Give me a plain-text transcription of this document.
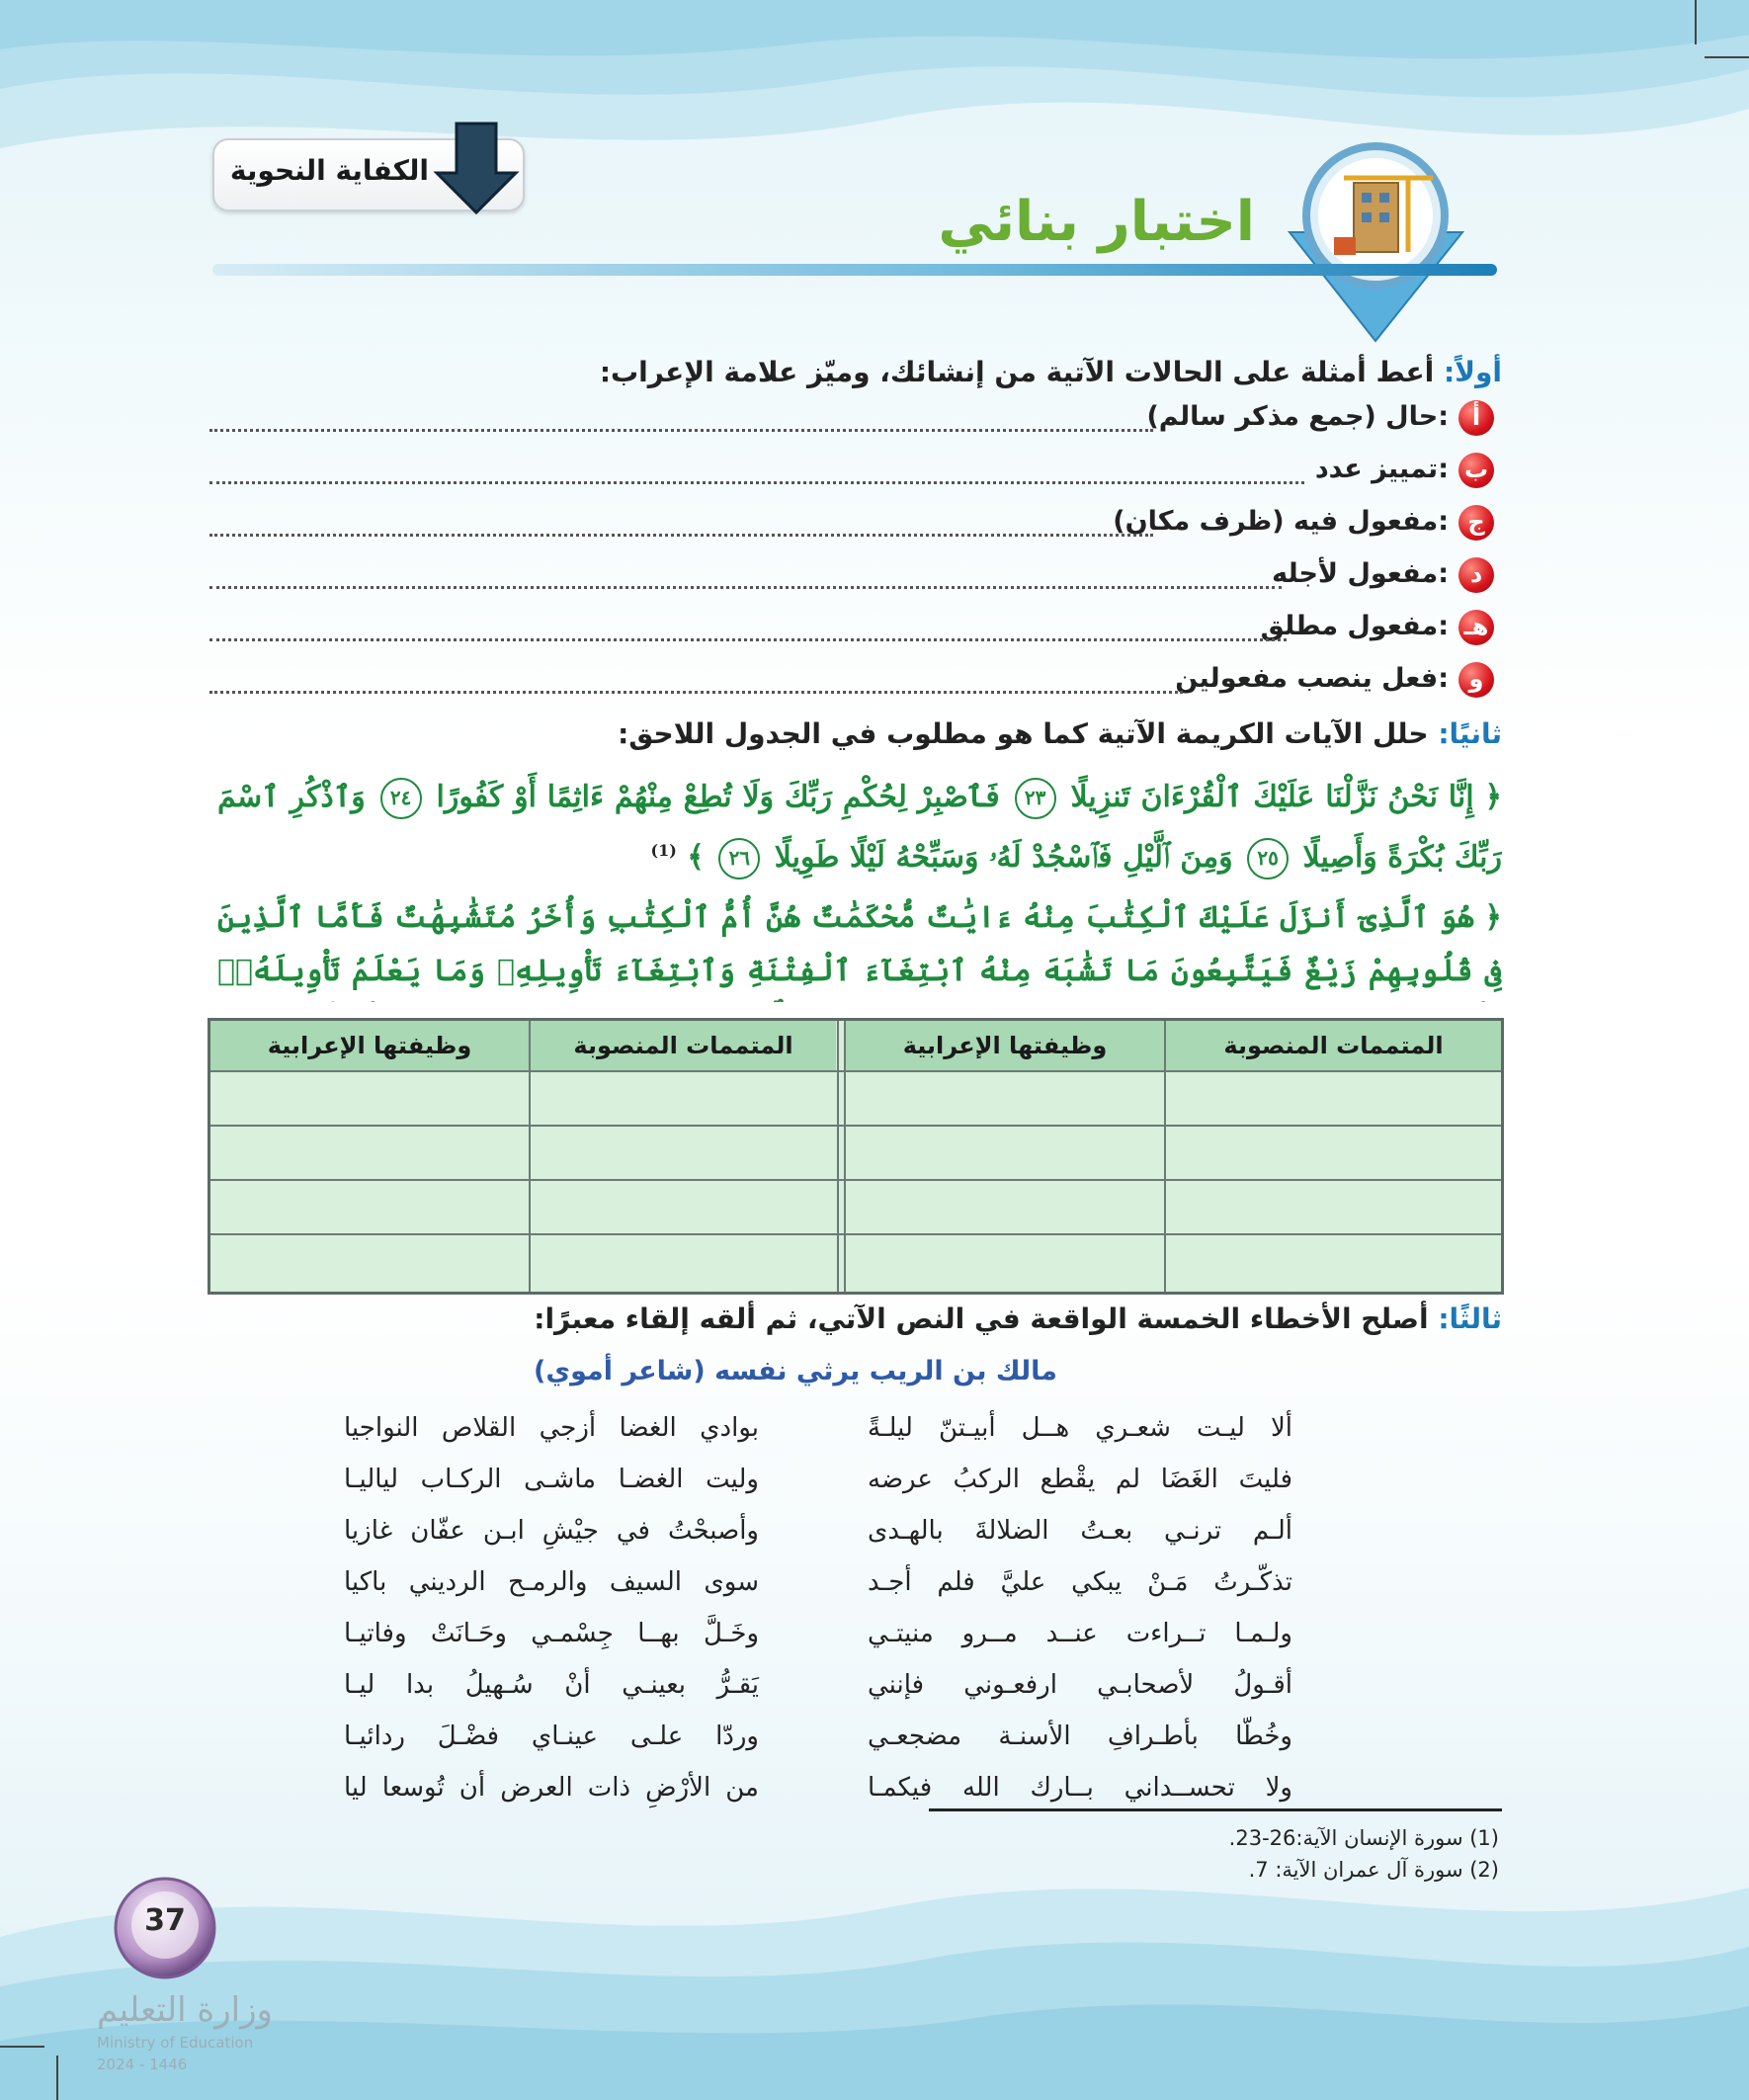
الكفاية النحوية
اختبار بنائي
أولاً: أعط أمثلة على الحالات الآتية من إنشائك، وميّز علامة الإعراب:
أ
حال (جمع مذكر سالم):
ب
تمييز عدد:
ج
مفعول فيه (ظرف مكان):
د
مفعول لأجله:
هـ
مفعول مطلق:
و
فعل ينصب مفعولين:
ثانيًا: حلل الآيات الكريمة الآتية كما هو مطلوب في الجدول اللاحق:
﴿ إِنَّا نَحْنُ نَزَّلْنَا عَلَيْكَ ٱلْقُرْءَانَ تَنزِيلًا ٢٣ فَٱصْبِرْ لِحُكْمِ رَبِّكَ وَلَا تُطِعْ مِنْهُمْ ءَاثِمًا أَوْ كَفُورًا ٢٤ وَٱذْكُرِ ٱسْمَ رَبِّكَ بُكْرَةً وَأَصِيلًا ٢٥ وَمِنَ ٱلَّيْلِ فَٱسْجُدْ لَهُۥ وَسَبِّحْهُ لَيْلًا طَوِيلًا ٢٦ ﴾ $^{(1)}$
﴿ هُوَ ٱلَّذِىٓ أَنزَلَ عَلَيْكَ ٱلْكِتَٰبَ مِنْهُ ءَايَٰتٌ مُّحْكَمَٰتٌ هُنَّ أُمُّ ٱلْكِتَٰبِ وَأُخَرُ مُتَشَٰبِهَٰتٌ فَأَمَّا ٱلَّذِينَ فِى قُلُوبِهِمْ زَيْغٌ فَيَتَّبِعُونَ مَا تَشَٰبَهَ مِنْهُ ٱبْتِغَآءَ ٱلْفِتْنَةِ وَٱبْتِغَآءَ تَأْوِيلِهِۦ وَمَا يَعْلَمُ تَأْوِيلَهُۥٓ
المتممات المنصوبة
وظيفتها الإعرابية
المتممات المنصوبة
وظيفتها الإعرابية
ثالثًا: أصلح الأخطاء الخمسة الواقعة في النص الآتي، ثم ألقه إلقاء معبرًا:
مالك بن الريب يرثي نفسه (شاعر أموي)
ألا ليـت شعـري هــل أبيـتنّ ليلـةً
بوادي الغضا أزجي القلاص النواجيا
فليتَ الغَضَا لم يقْطع الركبُ عرضه
وليت الغضـا ماشـى الركـاب لياليـا
ألـم ترنـي بعـتُ الضلالةَ بالهـدى
وأصبحْتُ في جيْشِ ابـن عفّان غازيا
تذكّـرتُ مَـنْ يبكي عليَّ فلم أجـد
سوى السيف والرمـح الرديني باكيا
ولـمـا تــراءت عنــد مــرو منيتـي
وخَـلَّ بهــا جِسْمـي وحَـانَتْ وفاتيـا
أقـولُ لأصحابـي ارفعـوني فإنني
يَقـرُّ بعينـي أنْ سُـهيلُ بدا ليـا
وخُطّا بأطـرافِ الأسنـة مضجعـي
وردّا علـى عينـاي فضْـلَ ردائيـا
ولا تحســداني بــارك الله فيكمـا
من الأرْضِ ذات العرض أن تُوسعا ليا
(1) سورة الإنسان الآية:26-23.
(2) سورة آل عمران الآية: 7.
37
وزارة التعليم
Ministry of Education
2024 - 1446
